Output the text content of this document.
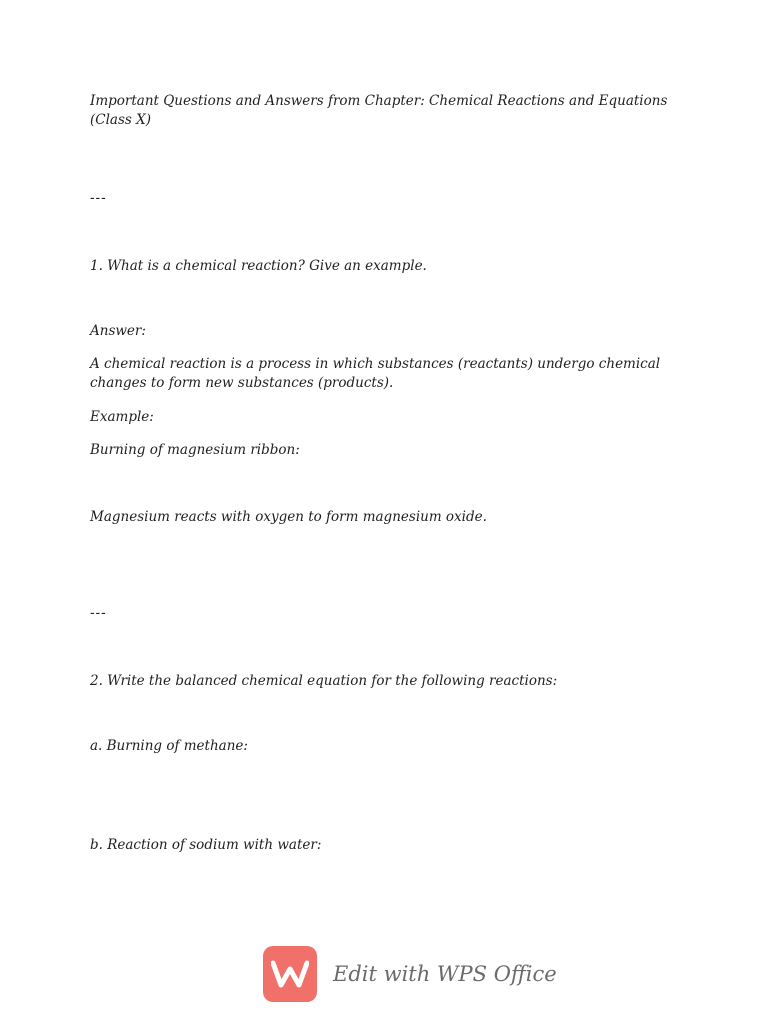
Important Questions and Answers from Chapter: Chemical Reactions and Equations (Class X)
---
1. What is a chemical reaction? Give an example.
Answer:
A chemical reaction is a process in which substances (reactants) undergo chemical changes to form new substances (products).
Example:
Burning of magnesium ribbon:
Magnesium reacts with oxygen to form magnesium oxide.
---
2. Write the balanced chemical equation for the following reactions:
a. Burning of methane:
b. Reaction of sodium with water:
Edit with WPS Office
